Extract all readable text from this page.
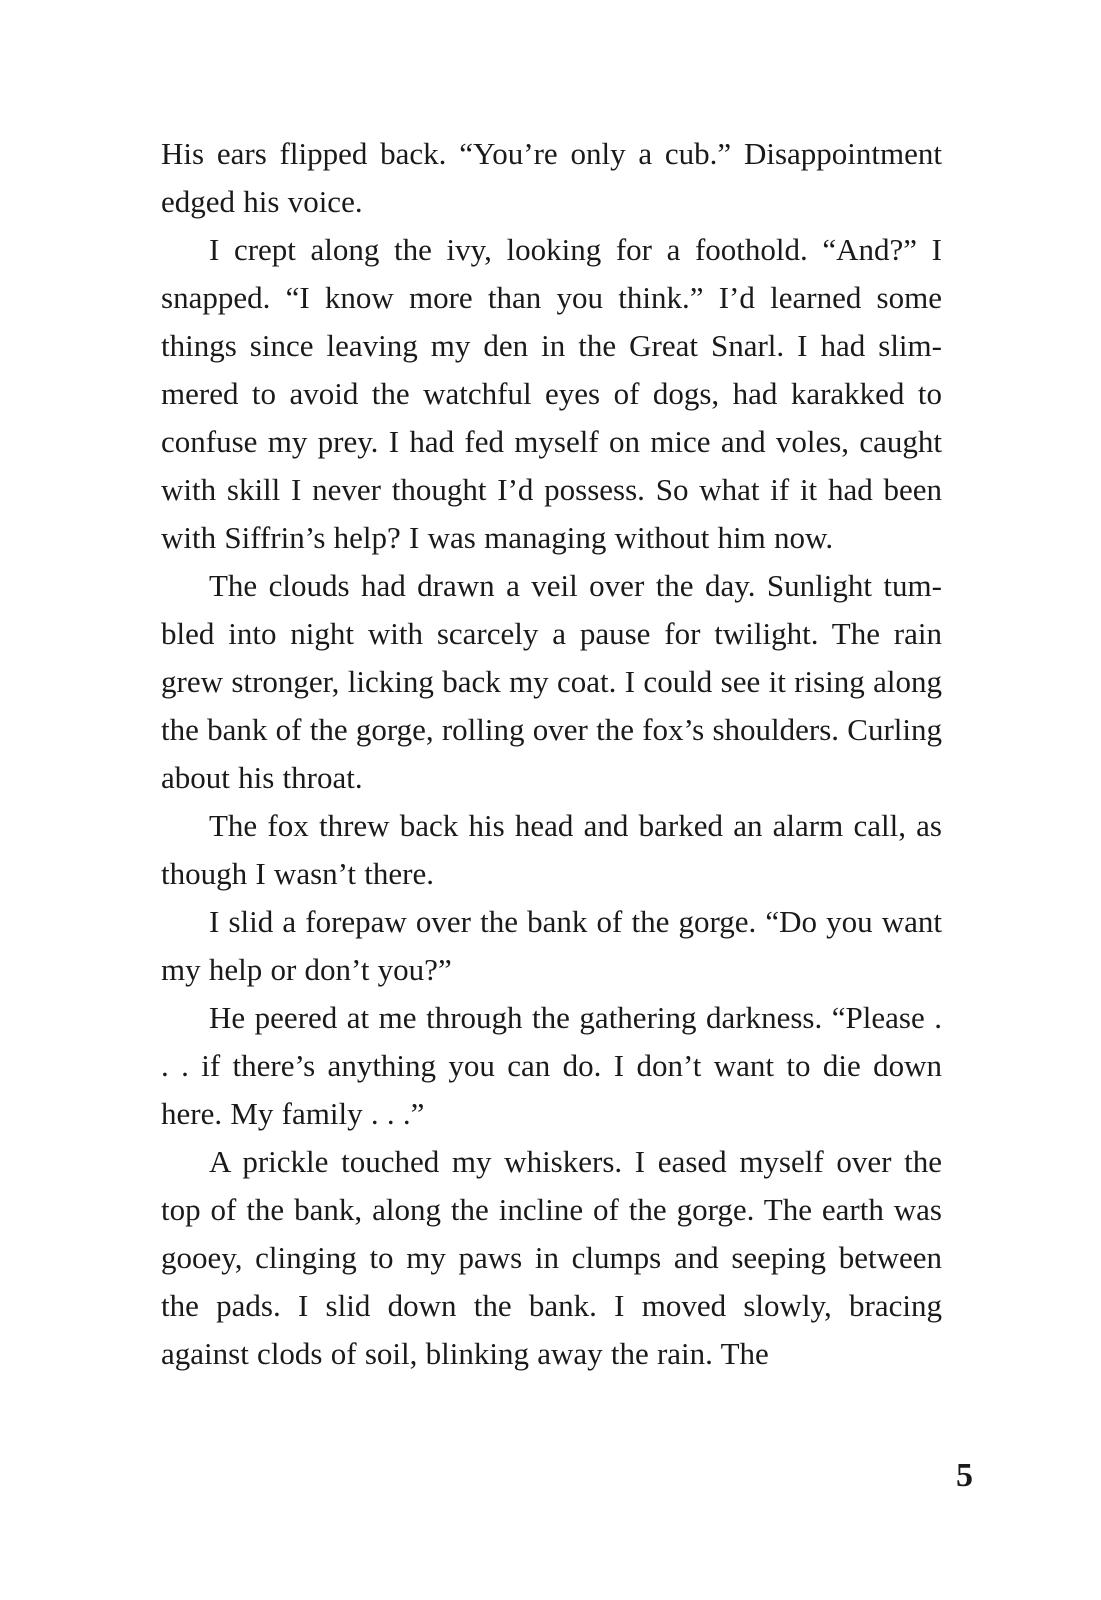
His ears flipped back. “You’re only a cub.” Disappointment edged his voice.

I crept along the ivy, looking for a foothold. “And?” I snapped. “I know more than you think.” I’d learned some things since leaving my den in the Great Snarl. I had slimmered to avoid the watchful eyes of dogs, had karakked to confuse my prey. I had fed myself on mice and voles, caught with skill I never thought I’d possess. So what if it had been with Siffrin’s help? I was managing without him now.

The clouds had drawn a veil over the day. Sunlight tumbled into night with scarcely a pause for twilight. The rain grew stronger, licking back my coat. I could see it rising along the bank of the gorge, rolling over the fox’s shoulders. Curling about his throat.

The fox threw back his head and barked an alarm call, as though I wasn’t there.

I slid a forepaw over the bank of the gorge. “Do you want my help or don’t you?”

He peered at me through the gathering darkness. “Please . . . if there’s anything you can do. I don’t want to die down here. My family . . .”

A prickle touched my whiskers. I eased myself over the top of the bank, along the incline of the gorge. The earth was gooey, clinging to my paws in clumps and seeping between the pads. I slid down the bank. I moved slowly, bracing against clods of soil, blinking away the rain. The

5
